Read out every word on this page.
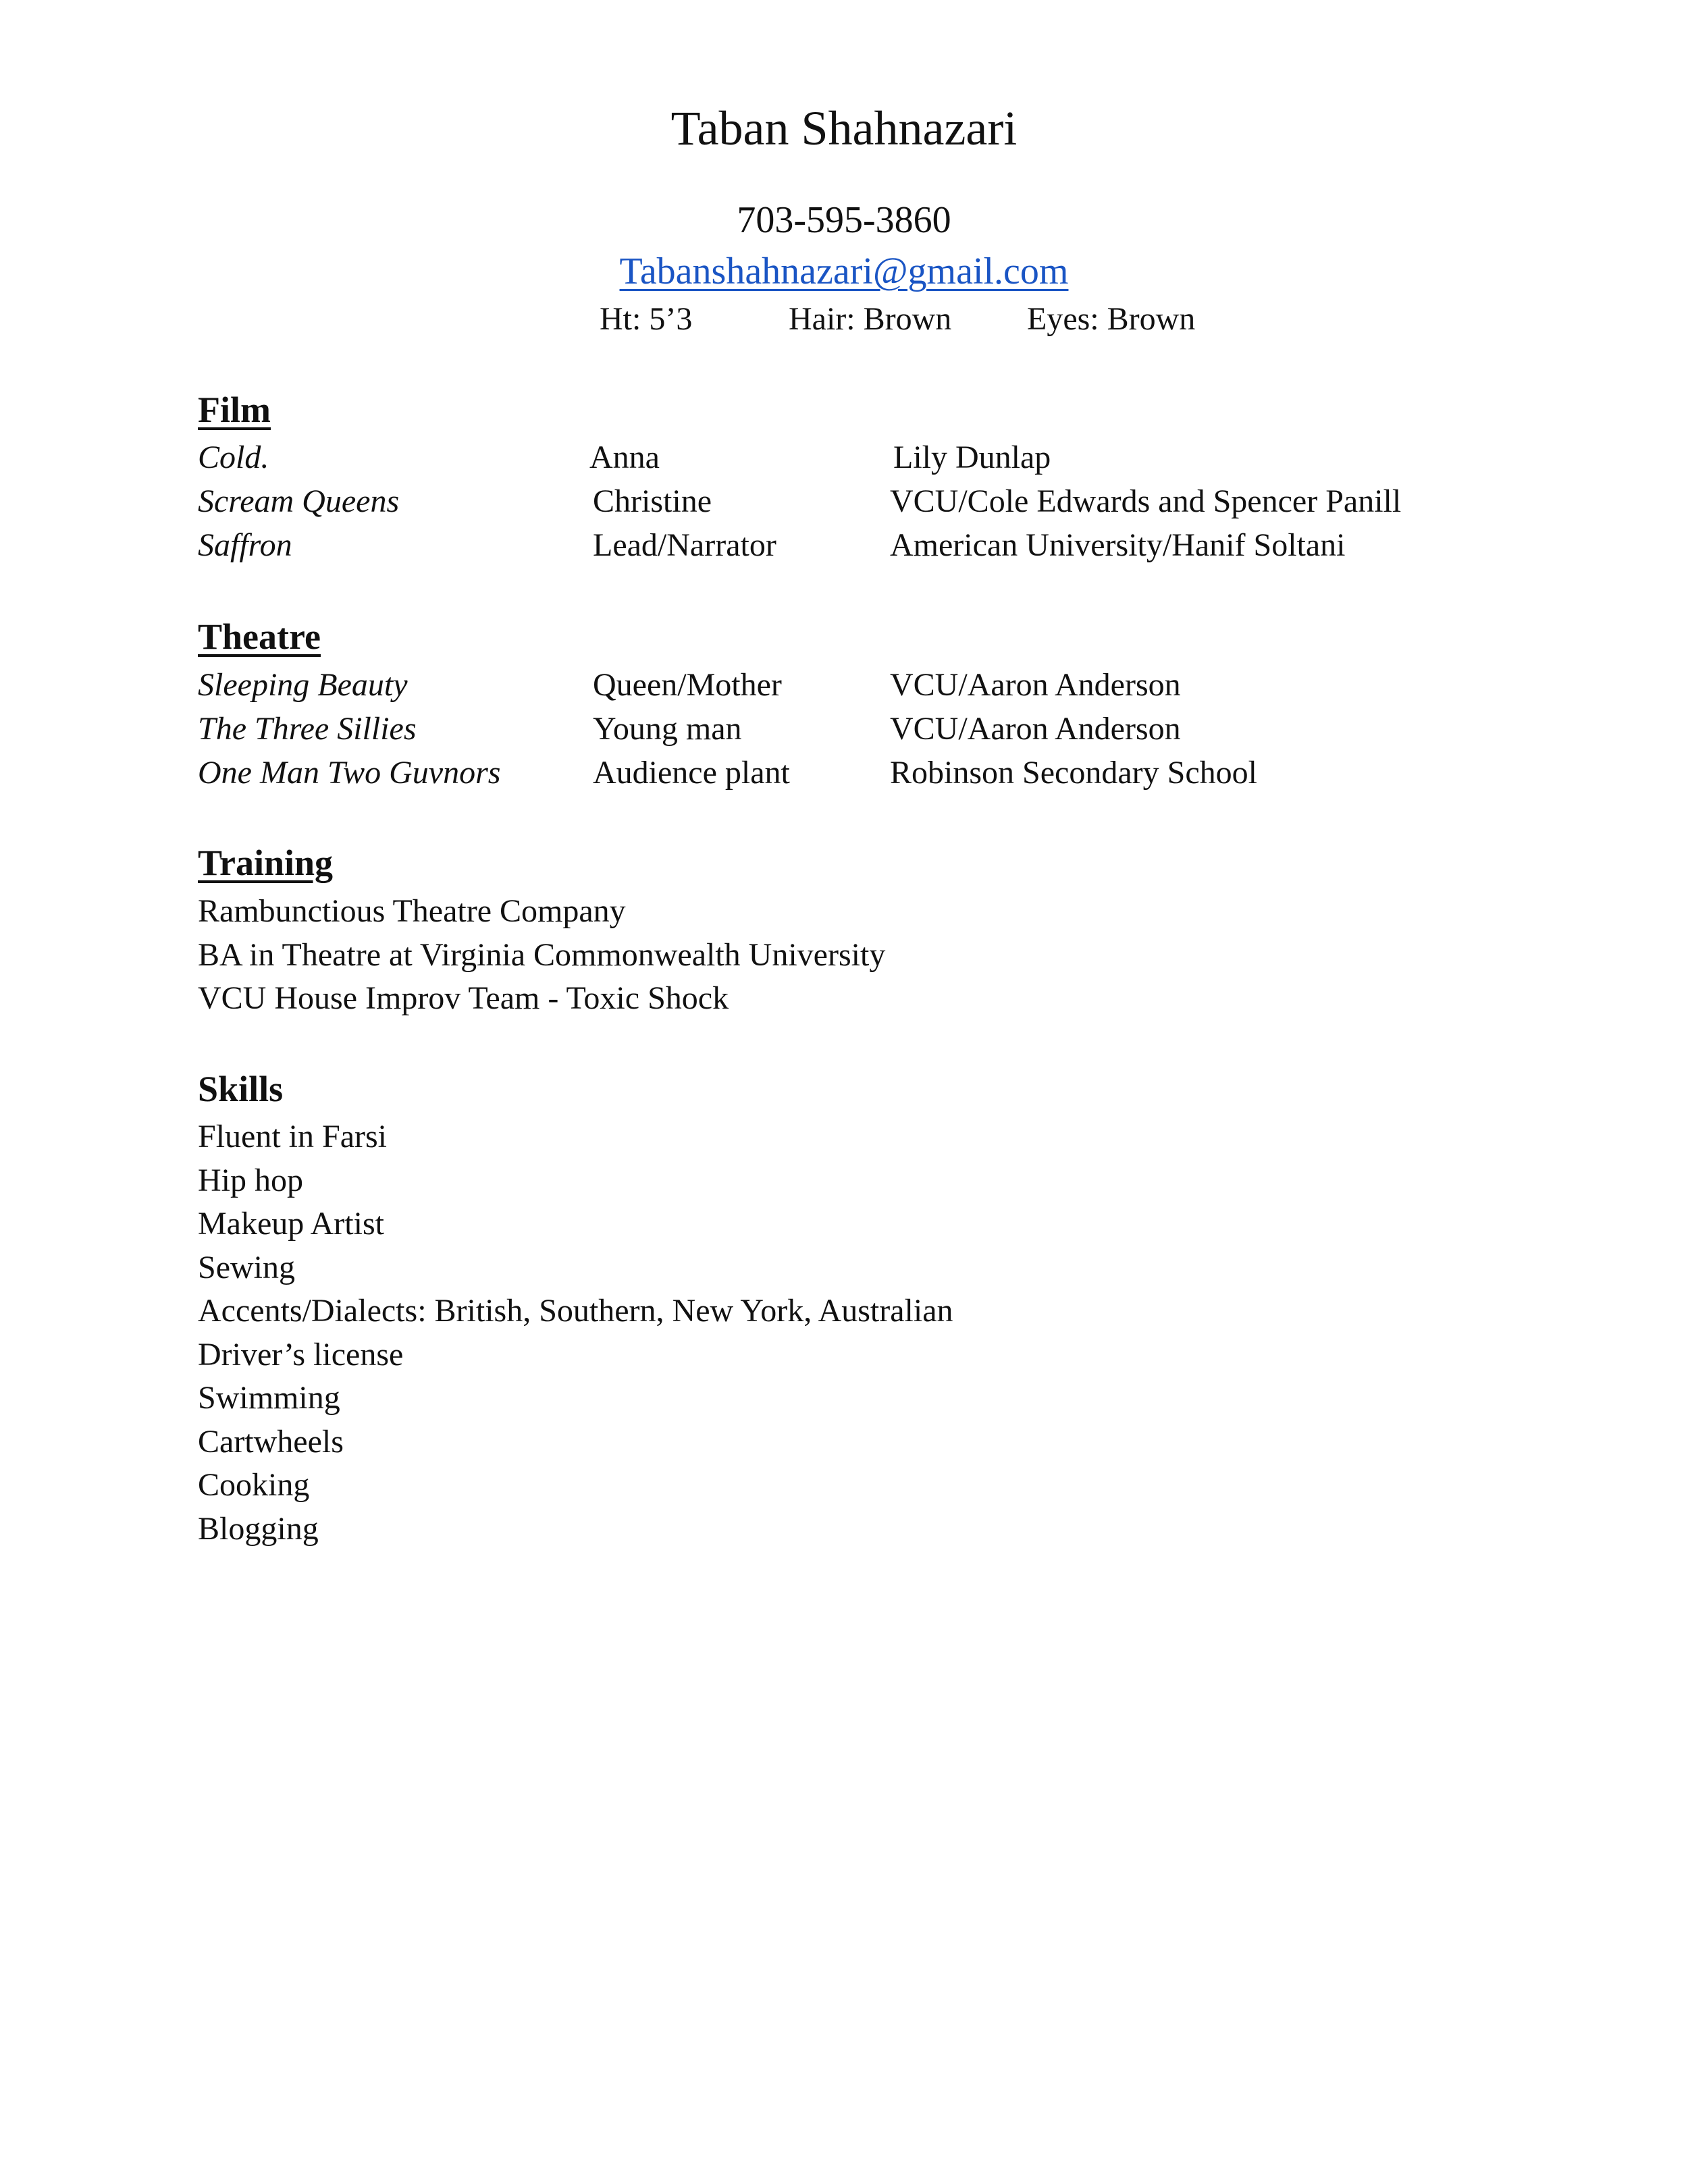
Taban Shahnazari
703-595-3860
Tabanshahnazari@gmail.com
Ht: 5’3	Hair: Brown Eyes: Brown
Film
Cold.	Anna	Lily Dunlap
Scream Queens	Christine	VCU/Cole Edwards and Spencer Panill
Saffron	Lead/Narrator	American University/Hanif Soltani
Theatre
Sleeping Beauty	Queen/Mother	VCU/Aaron Anderson
The Three Sillies	Young man	VCU/Aaron Anderson
One Man Two Guvnors	Audience plant	Robinson Secondary School
Training
Rambunctious Theatre Company
BA in Theatre at Virginia Commonwealth University
VCU House Improv Team - Toxic Shock
Skills
Fluent in Farsi
Hip hop
Makeup Artist
Sewing
Accents/Dialects: British, Southern, New York, Australian
Driver’s license
Swimming
Cartwheels
Cooking
Blogging
